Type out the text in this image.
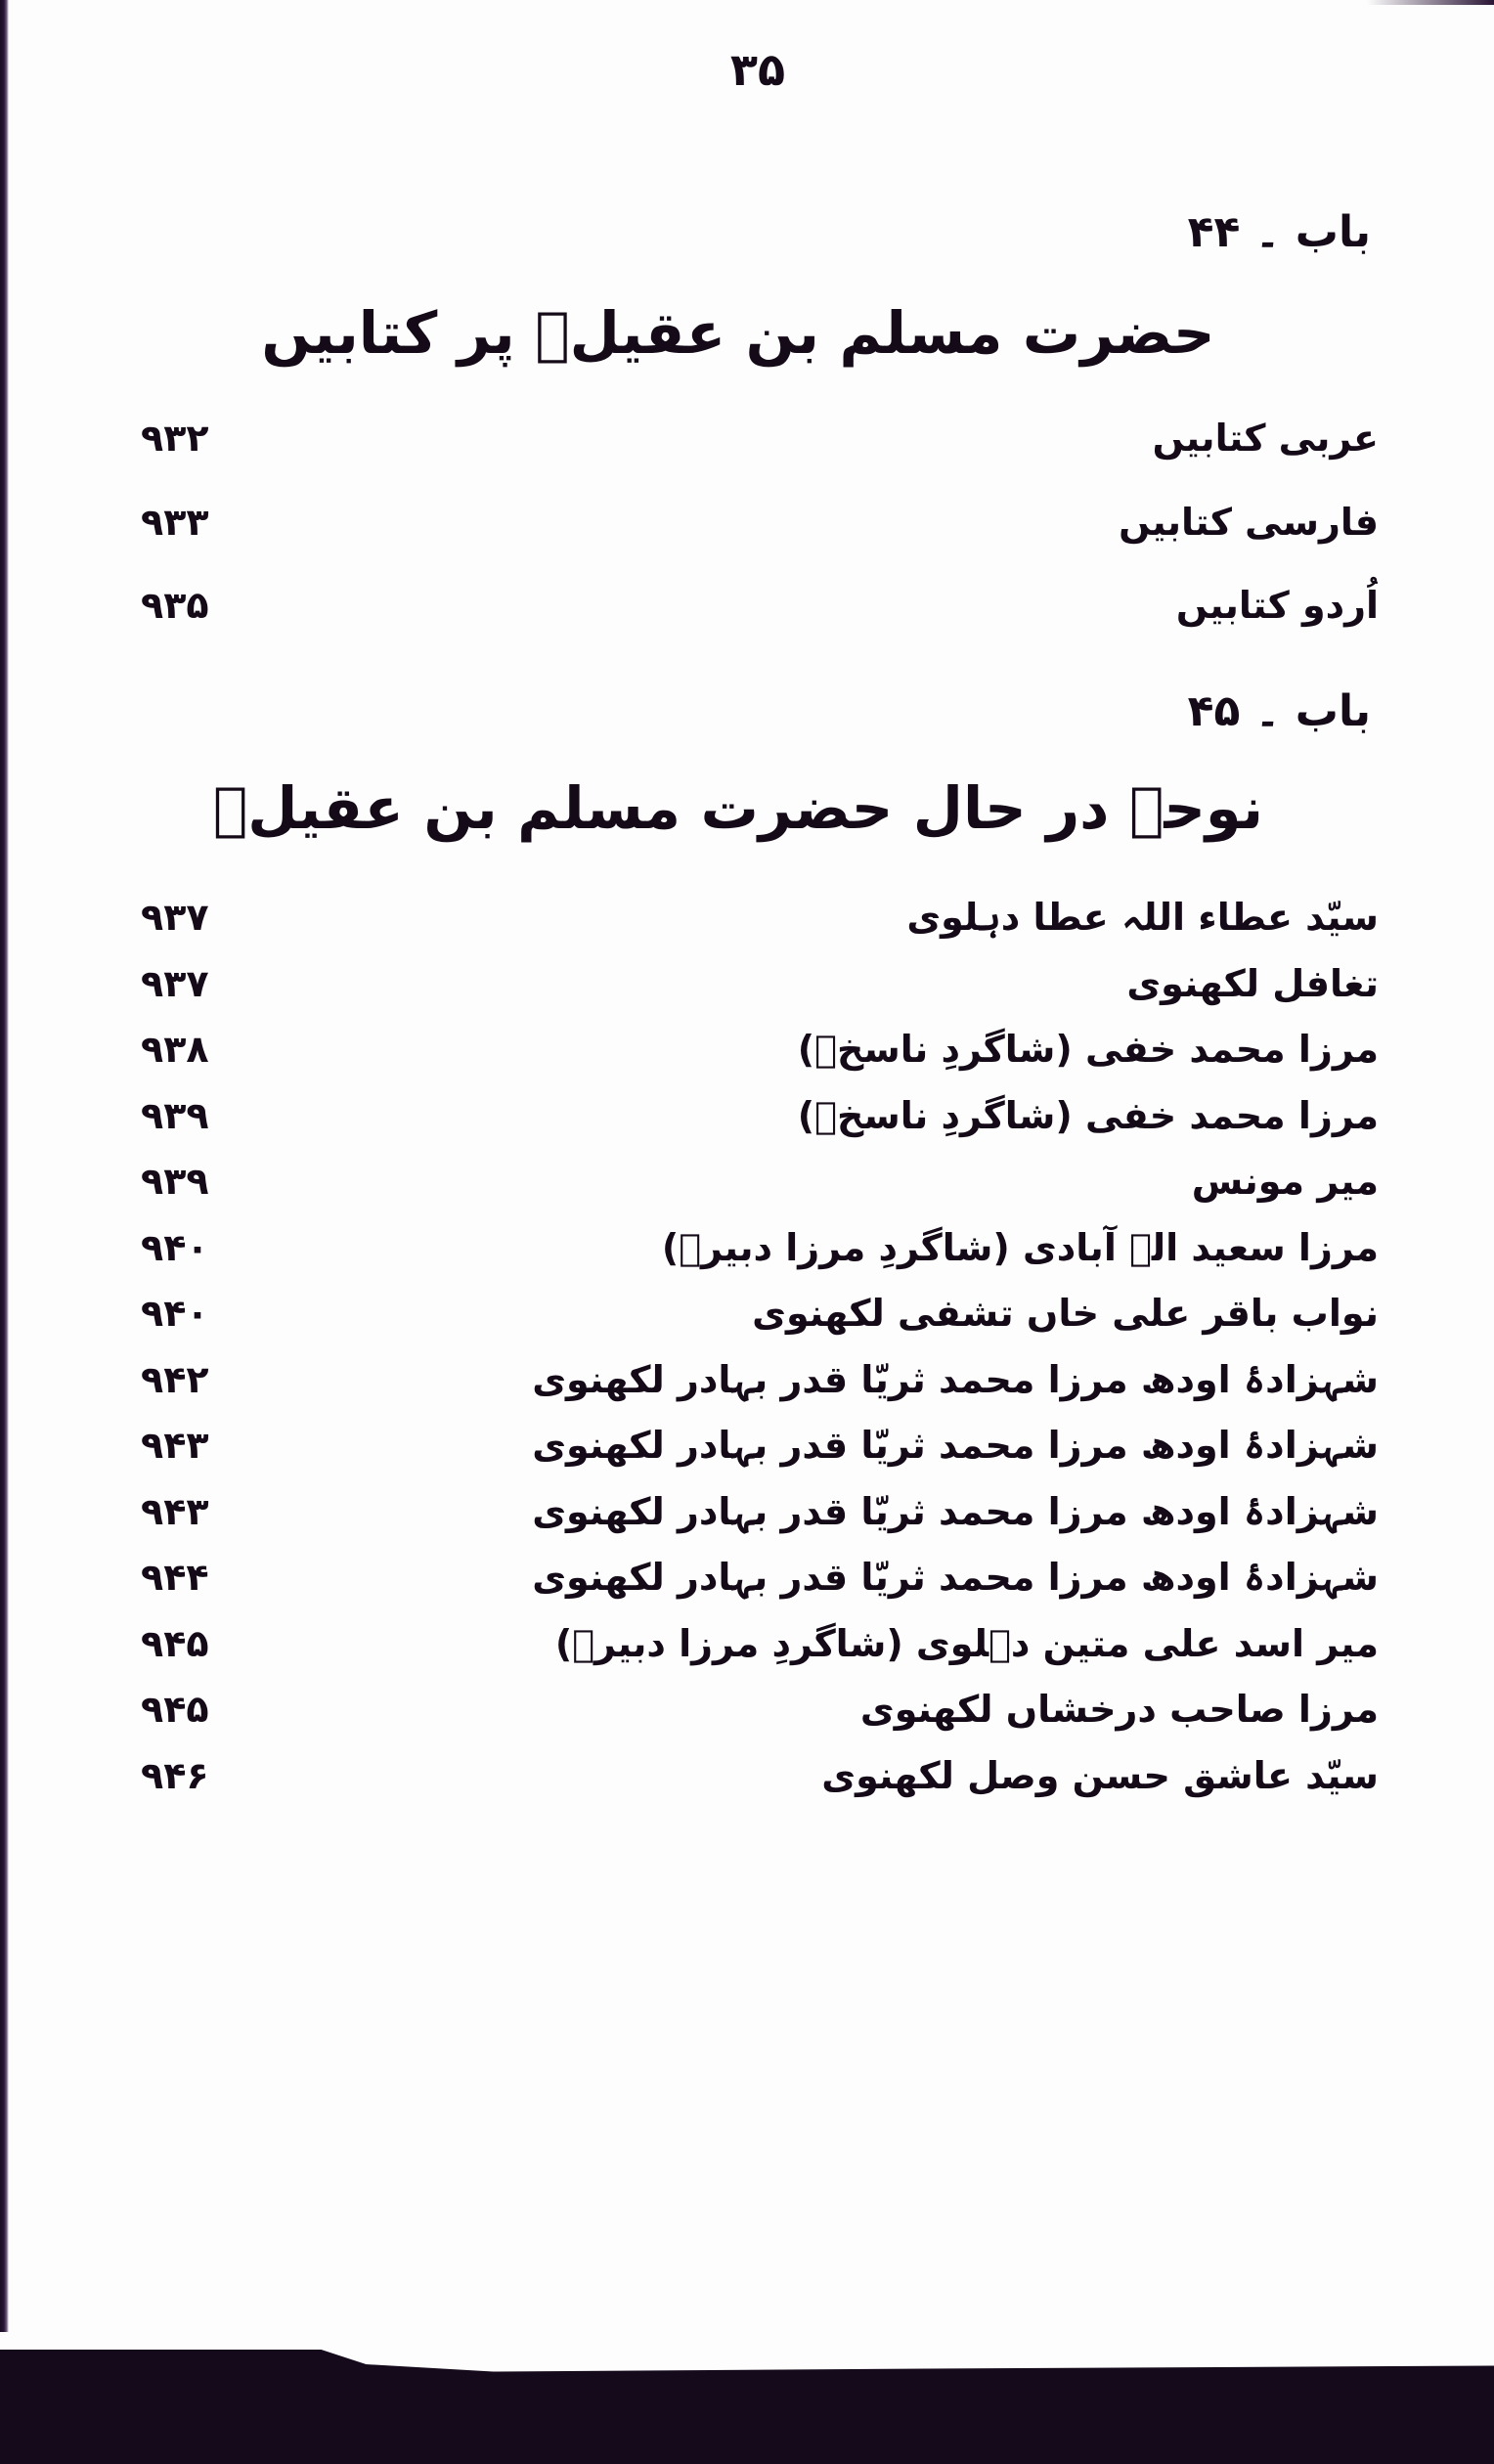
۳۵
باب ۔ ۴۴
حضرت مسلم بن عقیلؑ پر کتابیں
عربی کتابیں
۹۳۲
فارسی کتابیں
۹۳۳
اُردو کتابیں
۹۳۵
باب ۔ ۴۵
نوحے در حال حضرت مسلم بن عقیلؑ
سیّد عطاء اللہ عطا دہلوی
۹۳۷
تغافل لکھنوی
۹۳۷
مرزا محمد خفی (شاگردِ ناسخؔ)
۹۳۸
مرزا محمد خفی (شاگردِ ناسخؔ)
۹۳۹
میر مونس
۹۳۹
مرزا سعید الہ آبادی (شاگردِ مرزا دبیرؔ)
۹۴۰
نواب باقر علی خاں تشفی لکھنوی
۹۴۰
شہزادۂ اودھ مرزا محمد ثریّا قدر بہادر لکھنوی
۹۴۲
شہزادۂ اودھ مرزا محمد ثریّا قدر بہادر لکھنوی
۹۴۳
شہزادۂ اودھ مرزا محمد ثریّا قدر بہادر لکھنوی
۹۴۳
شہزادۂ اودھ مرزا محمد ثریّا قدر بہادر لکھنوی
۹۴۴
میر اسد علی متین دہلوی (شاگردِ مرزا دبیرؔ)
۹۴۵
مرزا صاحب درخشاں لکھنوی
۹۴۵
سیّد عاشق حسن وصل لکھنوی
۹۴۶
